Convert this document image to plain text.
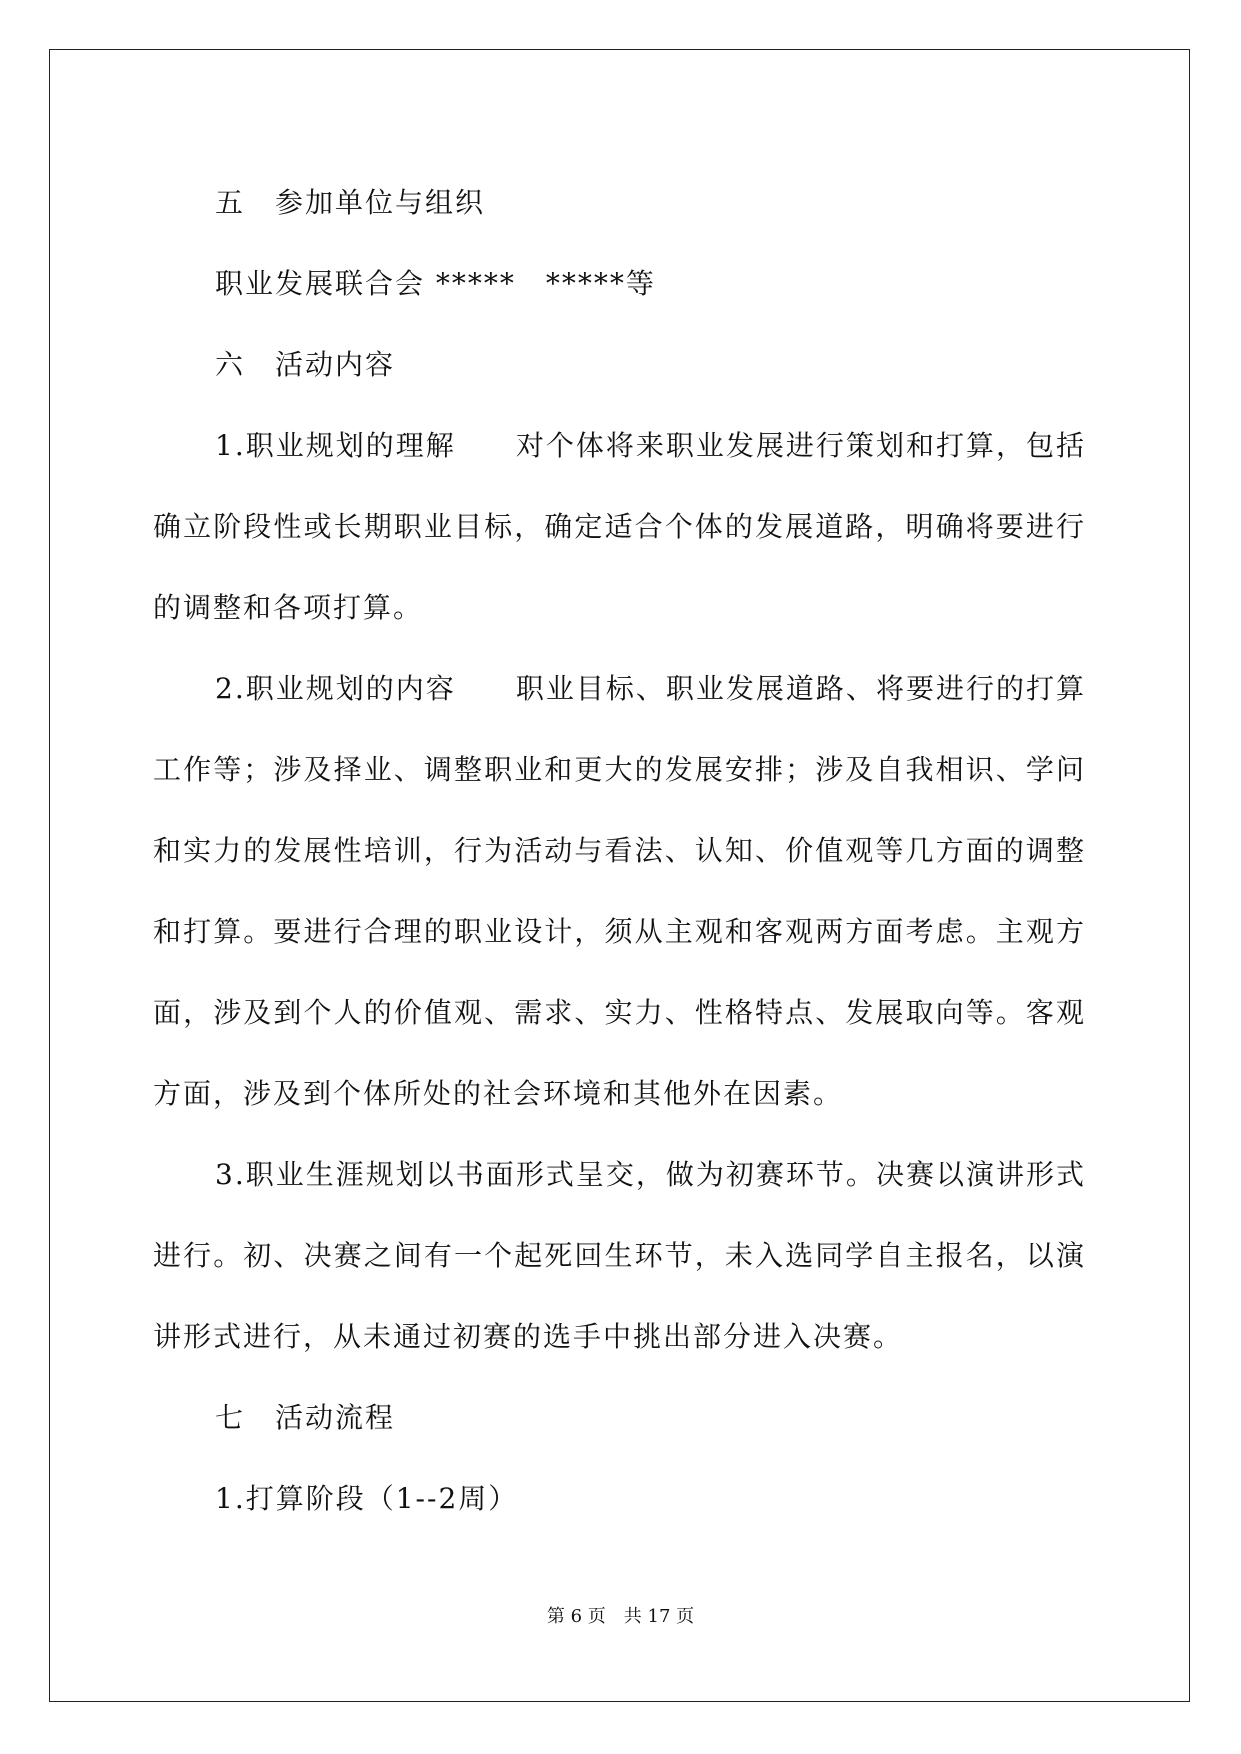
五　参加单位与组织

职业发展联合会 *****　*****等

六　活动内容

1.职业规划的理解　　对个体将来职业发展进行策划和打算，包括确立阶段性或长期职业目标，确定适合个体的发展道路，明确将要进行的调整和各项打算。

2.职业规划的内容　　职业目标、职业发展道路、将要进行的打算工作等；涉及择业、调整职业和更大的发展安排；涉及自我相识、学问和实力的发展性培训，行为活动与看法、认知、价值观等几方面的调整和打算。要进行合理的职业设计，须从主观和客观两方面考虑。主观方面，涉及到个人的价值观、需求、实力、性格特点、发展取向等。客观方面，涉及到个体所处的社会环境和其他外在因素。

3.职业生涯规划以书面形式呈交，做为初赛环节。决赛以演讲形式进行。初、决赛之间有一个起死回生环节，未入选同学自主报名，以演讲形式进行，从未通过初赛的选手中挑出部分进入决赛。

七　活动流程

1.打算阶段（1--2周）

第 6 页　共 17 页
